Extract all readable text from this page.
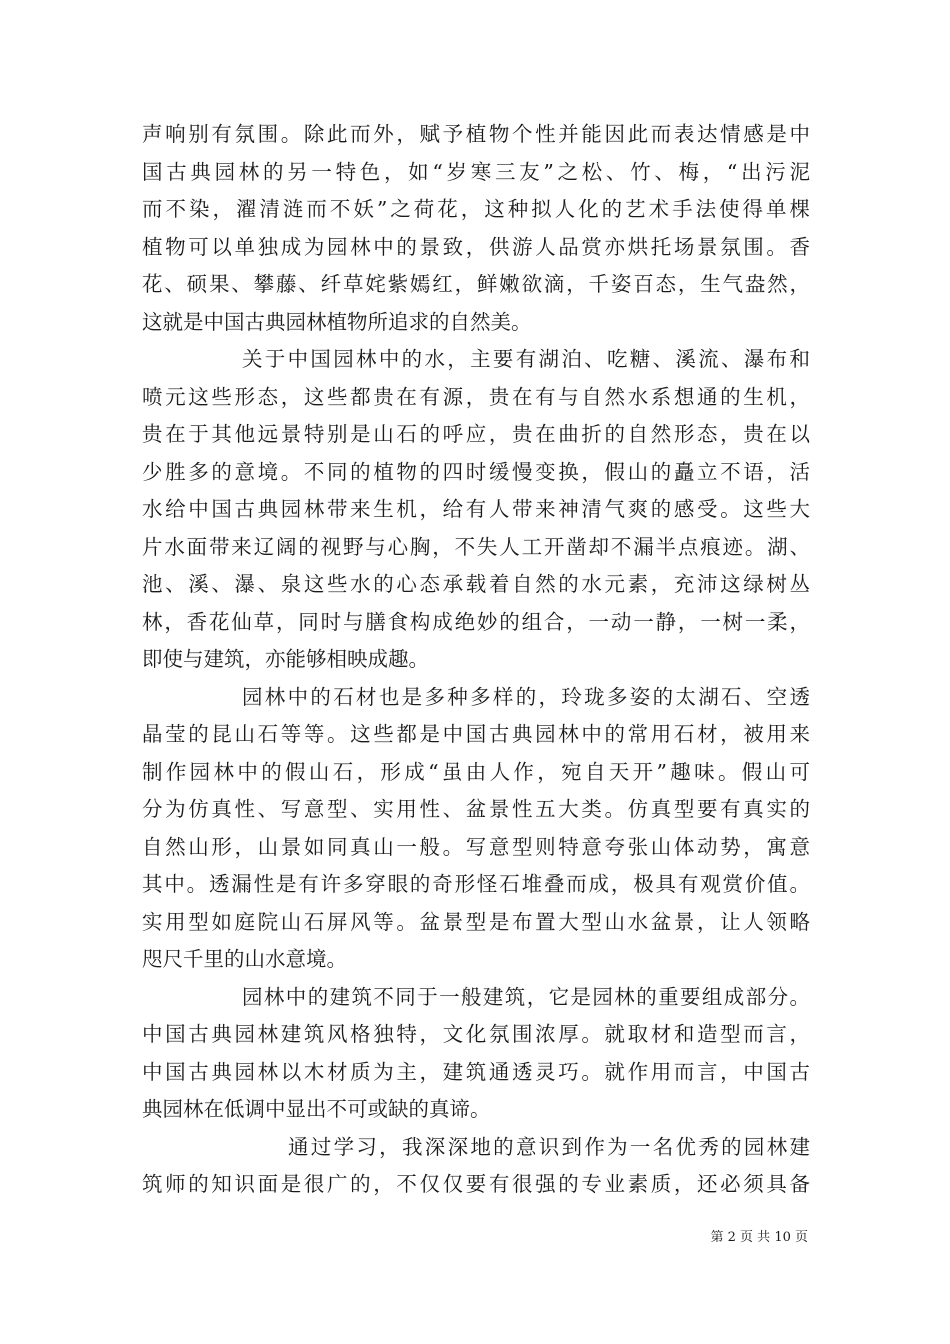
声响别有氛围。除此而外，赋予植物个性并能因此而表达情感是中
国古典园林的另一特色，如“岁寒三友”之松、竹、梅，“出污泥
而不染，濯清涟而不妖”之荷花，这种拟人化的艺术手法使得单棵
植物可以单独成为园林中的景致，供游人品赏亦烘托场景氛围。香
花、硕果、攀藤、纤草姹紫嫣红，鲜嫩欲滴，千姿百态，生气盎然，
这就是中国古典园林植物所追求的自然美。
关于中国园林中的水，主要有湖泊、吃糖、溪流、瀑布和
喷元这些形态，这些都贵在有源，贵在有与自然水系想通的生机，
贵在于其他远景特别是山石的呼应，贵在曲折的自然形态，贵在以
少胜多的意境。不同的植物的四时缓慢变换，假山的矗立不语，活
水给中国古典园林带来生机，给有人带来神清气爽的感受。这些大
片水面带来辽阔的视野与心胸，不失人工开凿却不漏半点痕迹。湖、
池、溪、瀑、泉这些水的心态承载着自然的水元素，充沛这绿树丛
林，香花仙草，同时与膳食构成绝妙的组合，一动一静，一树一柔，
即使与建筑，亦能够相映成趣。
园林中的石材也是多种多样的，玲珑多姿的太湖石、空透
晶莹的昆山石等等。这些都是中国古典园林中的常用石材，被用来
制作园林中的假山石，形成“虽由人作，宛自天开”趣味。假山可
分为仿真性、写意型、实用性、盆景性五大类。仿真型要有真实的
自然山形，山景如同真山一般。写意型则特意夸张山体动势，寓意
其中。透漏性是有许多穿眼的奇形怪石堆叠而成，极具有观赏价值。
实用型如庭院山石屏风等。盆景型是布置大型山水盆景，让人领略
咫尺千里的山水意境。
园林中的建筑不同于一般建筑，它是园林的重要组成部分。
中国古典园林建筑风格独特，文化氛围浓厚。就取材和造型而言，
中国古典园林以木材质为主，建筑通透灵巧。就作用而言，中国古
典园林在低调中显出不可或缺的真谛。
通过学习，我深深地的意识到作为一名优秀的园林建
筑师的知识面是很广的，不仅仅要有很强的专业素质，还必须具备
第 2 页 共 10 页
